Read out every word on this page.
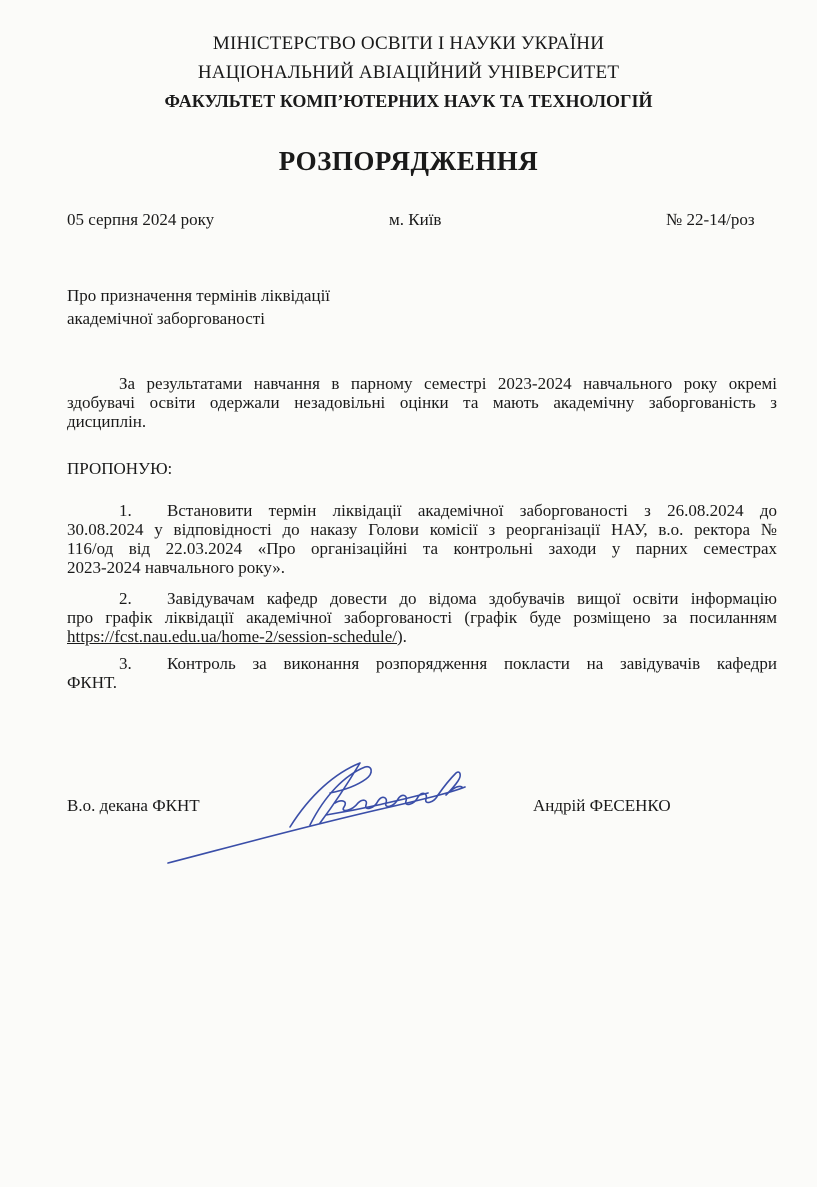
МІНІСТЕРСТВО ОСВІТИ І НАУКИ УКРАЇНИ
НАЦІОНАЛЬНИЙ АВІАЦІЙНИЙ УНІВЕРСИТЕТ
ФАКУЛЬТЕТ КОМП’ЮТЕРНИХ НАУК ТА ТЕХНОЛОГІЙ
РОЗПОРЯДЖЕННЯ
05 серпня 2024 року	м. Київ	№ 22-14/роз
Про призначення термінів ліквідації
академічної заборгованості
За результатами навчання в парному семестрі 2023-2024 навчального року окремі
здобувачі освіти одержали незадовільні оцінки та мають академічну заборгованість з
дисциплін.
ПРОПОНУЮ:
1. Встановити термін ліквідації академічної заборгованості з 26.08.2024 до
30.08.2024 у відповідності до наказу Голови комісії з реорганізації НАУ, в.о. ректора №
116/од від 22.03.2024 «Про організаційні та контрольні заходи у парних семестрах
2023-2024 навчального року».
2. Завідувачам кафедр довести до відома здобувачів вищої освіти інформацію
про графік ліквідації академічної заборгованості (графік буде розміщено за посиланням
https://fcst.nau.edu.ua/home-2/session-schedule/).
3. Контроль за виконання розпорядження покласти на завідувачів кафедри
ФКНТ.
В.о. декана ФКНТ	Андрій ФЕСЕНКО
